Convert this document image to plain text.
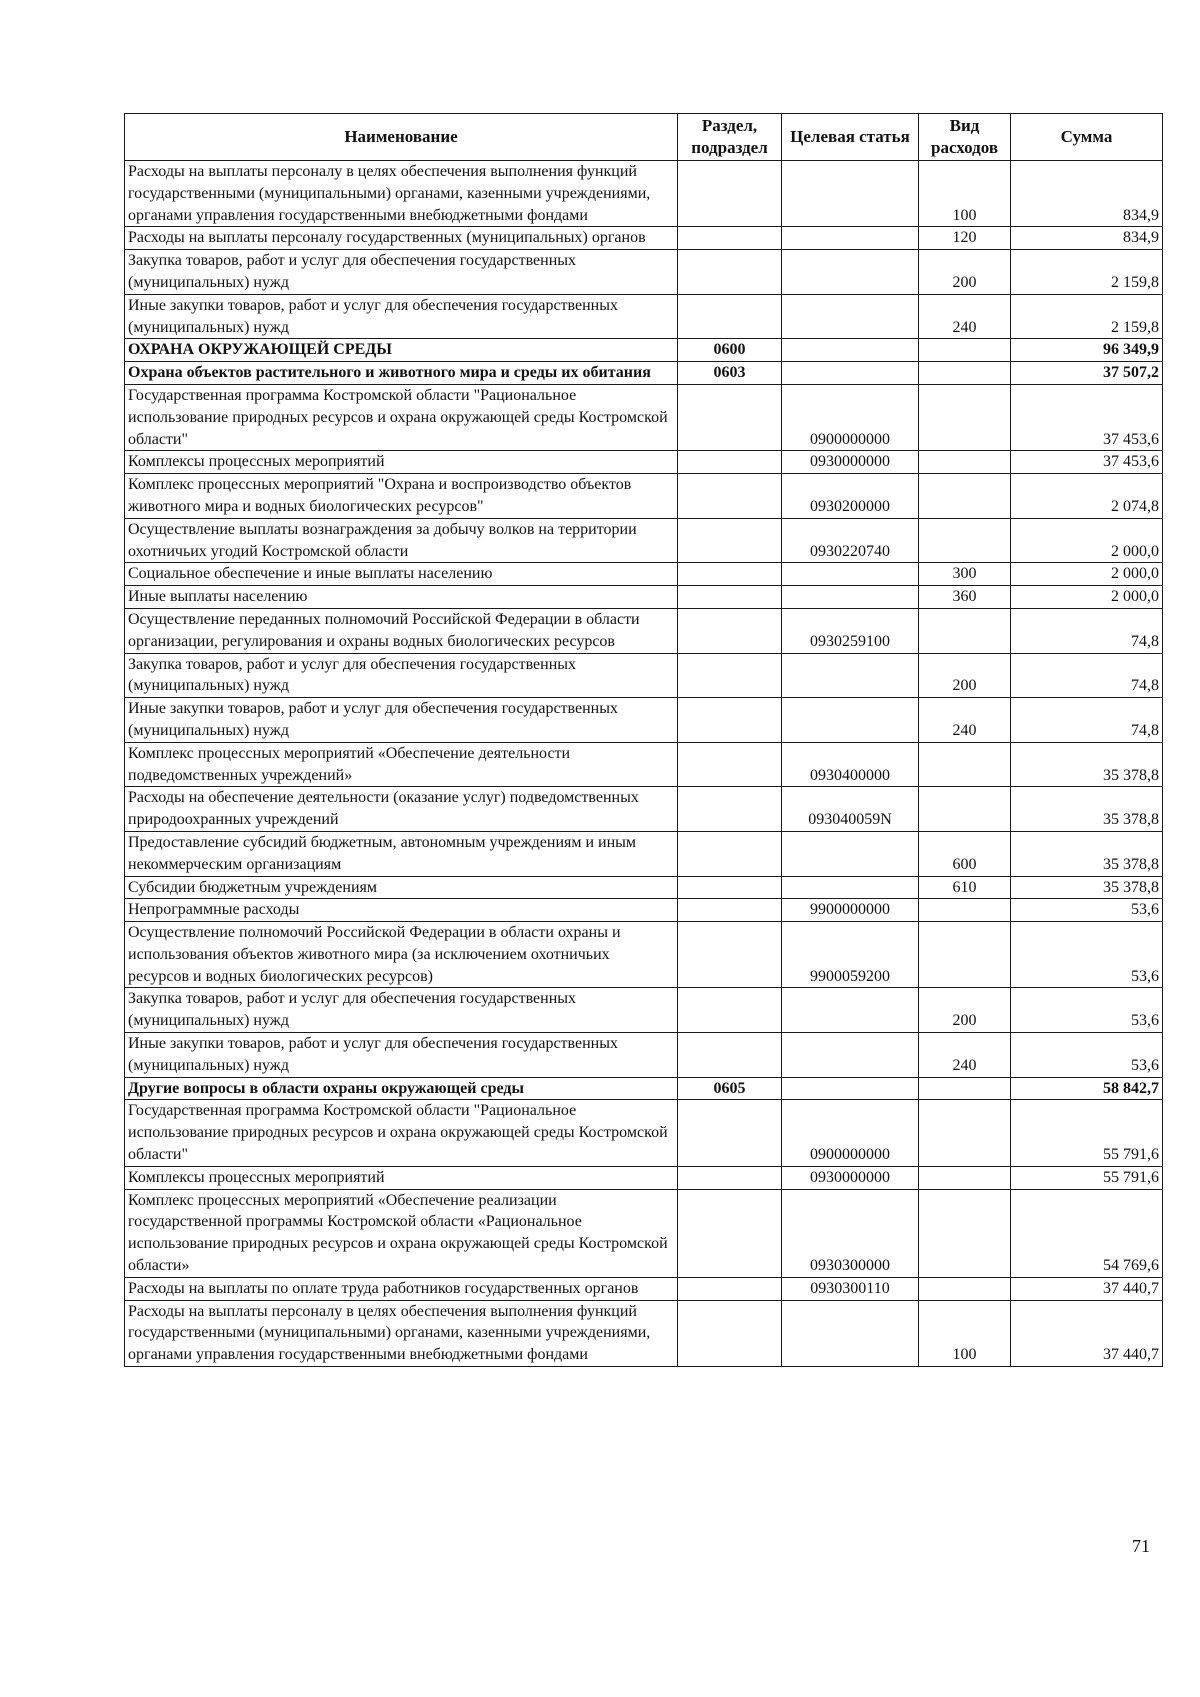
Наименование	Раздел, подраздел	Целевая статья	Вид расходов	Сумма
Расходы на выплаты персоналу в целях обеспечения выполнения функций государственными (муниципальными) органами, казенными учреждениями, органами управления государственными внебюджетными фондами			100	834,9
Расходы на выплаты персоналу государственных (муниципальных) органов			120	834,9
Закупка товаров, работ и услуг для обеспечения государственных (муниципальных) нужд			200	2 159,8
Иные закупки товаров, работ и услуг для обеспечения государственных (муниципальных) нужд			240	2 159,8
ОХРАНА ОКРУЖАЮЩЕЙ СРЕДЫ	0600			96 349,9
Охрана объектов растительного и животного мира и среды их обитания	0603			37 507,2
Государственная программа Костромской области "Рациональное использование природных ресурсов и охрана окружающей среды Костромской области"		0900000000		37 453,6
Комплексы процессных мероприятий		0930000000		37 453,6
Комплекс процессных мероприятий "Охрана и воспроизводство объектов животного мира и водных биологических ресурсов"		0930200000		2 074,8
Осуществление выплаты вознаграждения за добычу волков на территории охотничьих угодий Костромской области		0930220740		2 000,0
Социальное обеспечение и иные выплаты населению			300	2 000,0
Иные выплаты населению			360	2 000,0
Осуществление переданных полномочий Российской Федерации в области организации, регулирования и охраны водных биологических ресурсов		0930259100		74,8
Закупка товаров, работ и услуг для обеспечения государственных (муниципальных) нужд			200	74,8
Иные закупки товаров, работ и услуг для обеспечения государственных (муниципальных) нужд			240	74,8
Комплекс процессных мероприятий «Обеспечение деятельности подведомственных учреждений»		0930400000		35 378,8
Расходы на обеспечение деятельности (оказание услуг) подведомственных природоохранных учреждений		093040059N		35 378,8
Предоставление субсидий бюджетным, автономным учреждениям и иным некоммерческим организациям			600	35 378,8
Субсидии бюджетным учреждениям			610	35 378,8
Непрограммные расходы		9900000000		53,6
Осуществление полномочий Российской Федерации в области охраны и использования объектов животного мира (за исключением охотничьих ресурсов и водных биологических ресурсов)		9900059200		53,6
Закупка товаров, работ и услуг для обеспечения государственных (муниципальных) нужд			200	53,6
Иные закупки товаров, работ и услуг для обеспечения государственных (муниципальных) нужд			240	53,6
Другие вопросы в области охраны окружающей среды	0605			58 842,7
Государственная программа Костромской области "Рациональное использование природных ресурсов и охрана окружающей среды Костромской области"		0900000000		55 791,6
Комплексы процессных мероприятий		0930000000		55 791,6
Комплекс процессных мероприятий «Обеспечение реализации государственной программы Костромской области «Рациональное использование природных ресурсов и охрана окружающей среды Костромской области»		0930300000		54 769,6
Расходы на выплаты по оплате труда работников государственных органов		0930300110		37 440,7
Расходы на выплаты персоналу в целях обеспечения выполнения функций государственными (муниципальными) органами, казенными учреждениями, органами управления государственными внебюджетными фондами			100	37 440,7
71
